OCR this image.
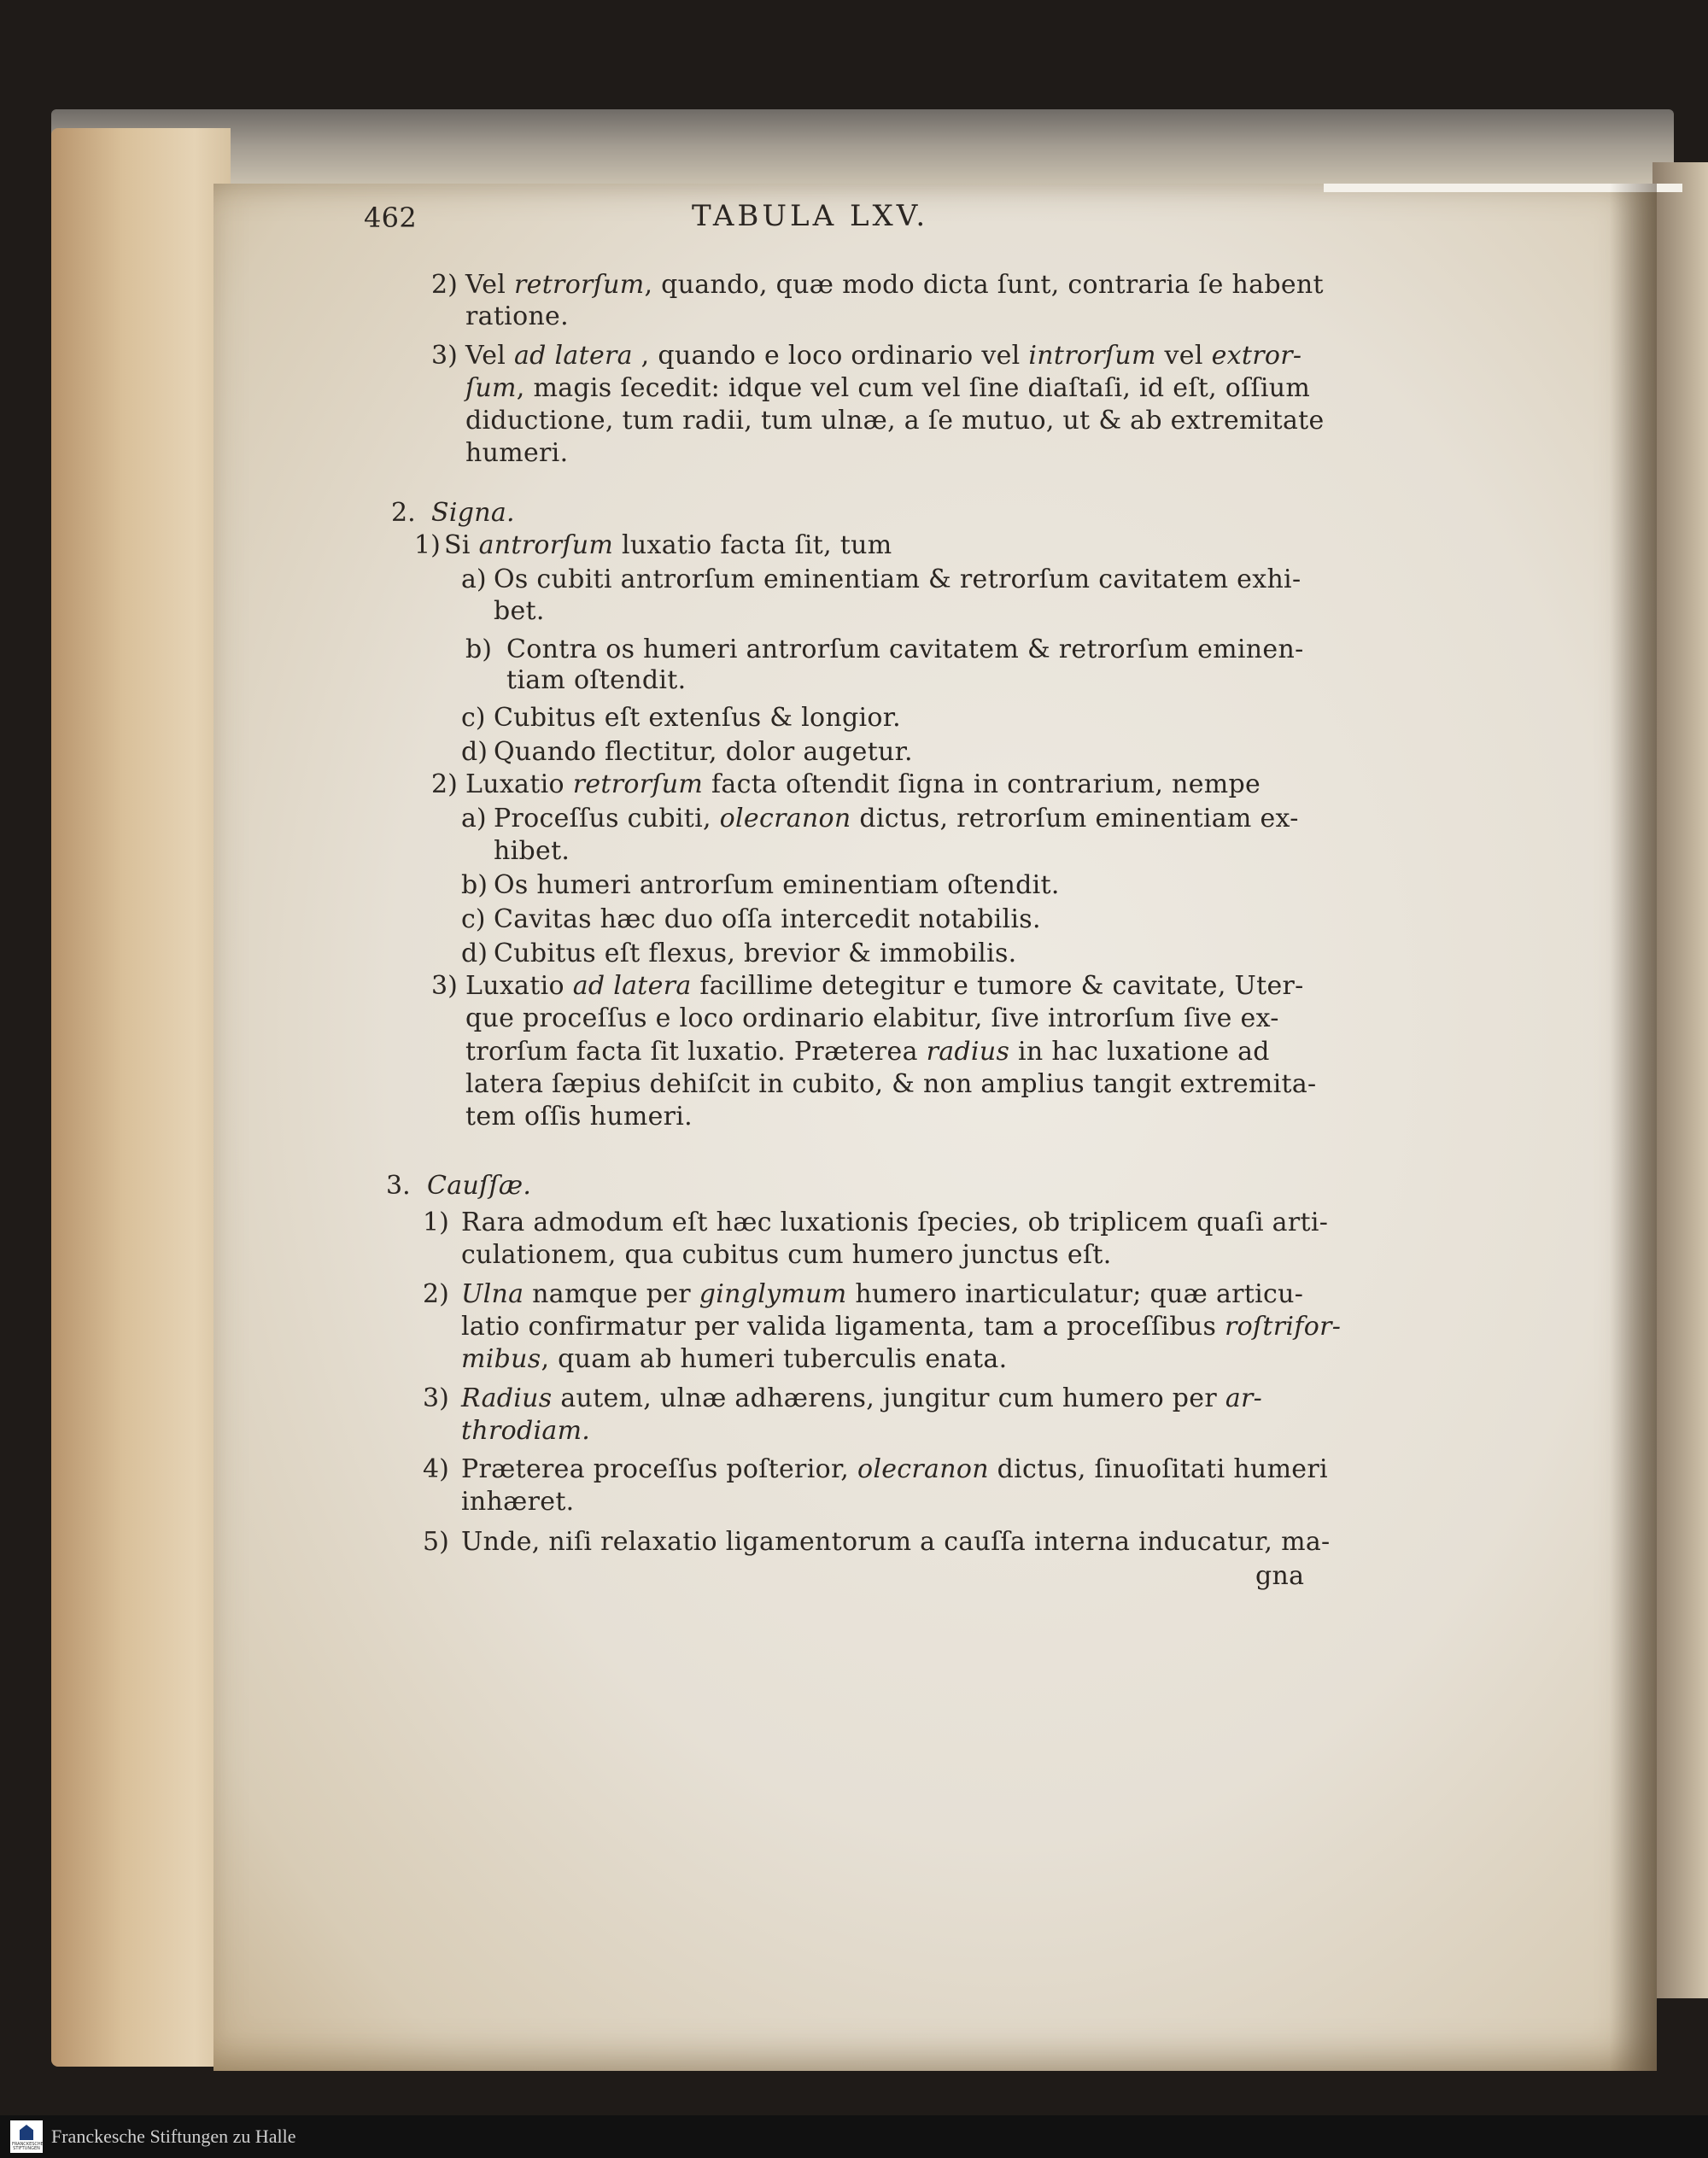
462	TABULA LXV.
2) Vel retrorſum, quando, quæ modo dicta ſunt, contraria ſe habent
ratione.
3) Vel ad latera , quando e loco ordinario vel introrſum vel extror-
ſum, magis ſecedit: idque vel cum vel ſine diaſtaſi, id eſt, oſſium
diductione, tum radii, tum ulnæ, a ſe mutuo, ut & ab extremitate
humeri.
2. Signa.
1) Si antrorſum luxatio facta ſit, tum
a) Os cubiti antrorſum eminentiam & retrorſum cavitatem exhi-
bet.
b) Contra os humeri antrorſum cavitatem & retrorſum eminen-
tiam oſtendit.
c) Cubitus eſt extenſus & longior.
d) Quando flectitur, dolor augetur.
2) Luxatio retrorſum facta oſtendit ſigna in contrarium, nempe
a) Proceſſus cubiti, olecranon dictus, retrorſum eminentiam ex-
hibet.
b) Os humeri antrorſum eminentiam oſtendit.
c) Cavitas hæc duo oſſa intercedit notabilis.
d) Cubitus eſt flexus, brevior & immobilis.
3) Luxatio ad latera facillime detegitur e tumore & cavitate, Uter-
que proceſſus e loco ordinario elabitur, ſive introrſum ſive ex-
trorſum facta ſit luxatio. Præterea radius in hac luxatione ad
latera ſæpius dehiſcit in cubito, & non amplius tangit extremita-
tem oſſis humeri.
3. Cauſſæ.
1) Rara admodum eſt hæc luxationis ſpecies, ob triplicem quaſi arti-
culationem, qua cubitus cum humero junctus eſt.
2) Ulna namque per ginglymum humero inarticulatur; quæ articu-
latio confirmatur per valida ligamenta, tam a proceſſibus roſtrifor-
mibus, quam ab humeri tuberculis enata.
3) Radius autem, ulnæ adhærens, jungitur cum humero per ar-
throdiam.
4) Præterea proceſſus poſterior, olecranon dictus, ſinuoſitati humeri
inhæret.
5) Unde, niſi relaxatio ligamentorum a cauſſa interna inducatur, ma-
gna
FRANCKESCHE STIFTUNGEN
Franckesche Stiftungen zu Halle
